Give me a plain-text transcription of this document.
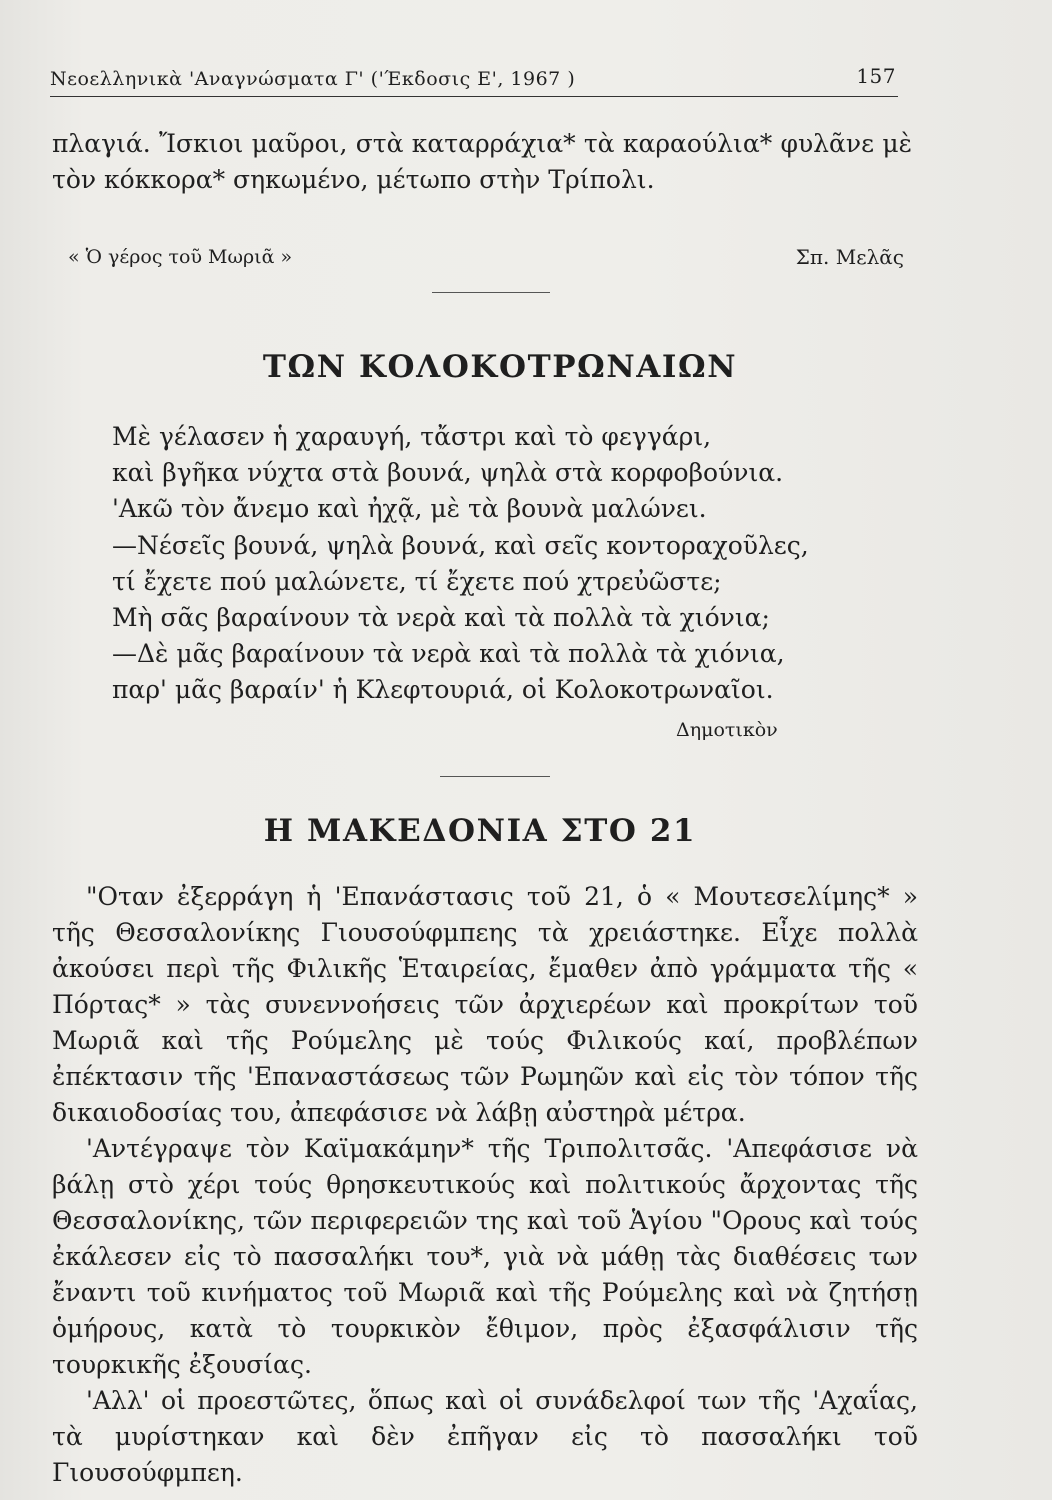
Νεοελληνικὰ 'Αναγνώσματα Γ' ('Έκδοσις Ε', 1967 )	157

πλαγιά. Ἴσκιοι μαῦροι, στὰ καταρράχια* τὰ καραούλια* φυλᾶνε μὲ τὸν κόκκορα* σηκωμένο, μέτωπο στὴν Τρίπολι.

« Ὁ γέρος τοῦ Μωριᾶ »	Σπ. Μελᾶς
ΤΩΝ ΚΟΛΟΚΟΤΡΩΝΑΙΩΝ
Μὲ γέλασεν ἡ χαραυγή, τἄστρι καὶ τὸ φεγγάρι,
καὶ βγῆκα νύχτα στὰ βουνά, ψηλὰ στὰ κορφοβούνια.
'Ακῶ τὸν ἄνεμο καὶ ἠχᾷ, μὲ τὰ βουνὰ μαλώνει.
—Νέσεῖς βουνά, ψηλὰ βουνά, καὶ σεῖς κοντοραχοῦλες,
τί ἔχετε πού μαλώνετε, τί ἔχετε πού χτρεὐῶστε;
Μὴ σᾶς βαραίνουν τὰ νερὰ καὶ τὰ πολλὰ τὰ χιόνια;
—Δὲ μᾶς βαραίνουν τὰ νερὰ καὶ τὰ πολλὰ τὰ χιόνια,
παρ' μᾶς βαραίν' ἡ Κλεφτουριά, οἱ Κολοκοτρωναῖοι.
Δημοτικὸν
Η ΜΑΚΕΔΟΝΙΑ ΣΤΟ 21

"Οταν ἐξερράγη ἡ 'Επανάστασις τοῦ 21, ὁ « Μουτεσελίμης* » τῆς Θεσσαλονίκης Γιουσούφμπεης τὰ χρειάστηκε. Εἶχε πολλὰ ἀκούσει περὶ τῆς Φιλικῆς Ἑταιρείας, ἔμαθεν ἀπὸ γράμματα τῆς « Πόρτας* » τὰς συνεννοήσεις τῶν ἀρχιερέων καὶ προκρίτων τοῦ Μωριᾶ καὶ τῆς Ρούμελης μὲ τούς Φιλικούς καί, προβλέπων ἐπέκτασιν τῆς 'Επαναστάσεως τῶν Ρωμηῶν καὶ εἰς τὸν τόπον τῆς δικαιοδοσίας του, ἀπεφάσισε νὰ λάβῃ αὐστηρὰ μέτρα.

'Αντέγραψε τὸν Καϊμακάμην* τῆς Τριπολιτσᾶς. 'Απεφάσισε νὰ βάλῃ στὸ χέρι τούς θρησκευτικούς καὶ πολιτικούς ἄρχοντας τῆς Θεσσαλονίκης, τῶν περιφερειῶν της καὶ τοῦ Ἁγίου "Ορους καὶ τούς ἐκάλεσεν εἰς τὸ πασσαλήκι του*, γιὰ νὰ μάθῃ τὰς διαθέσεις των ἔναντι τοῦ κινήματος τοῦ Μωριᾶ καὶ τῆς Ρούμελης καὶ νὰ ζητήσῃ ὁμήρους, κατὰ τὸ τουρκικὸν ἔθιμον, πρὸς ἐξασφάλισιν τῆς τουρκικῆς ἐξουσίας.

'Αλλ' οἱ προεστῶτες, ὅπως καὶ οἱ συνάδελφοί των τῆς 'Αχαΐας, τὰ μυρίστηκαν καὶ δὲν ἐπῆγαν εἰς τὸ πασσαλήκι τοῦ Γιουσούφμπεη.
